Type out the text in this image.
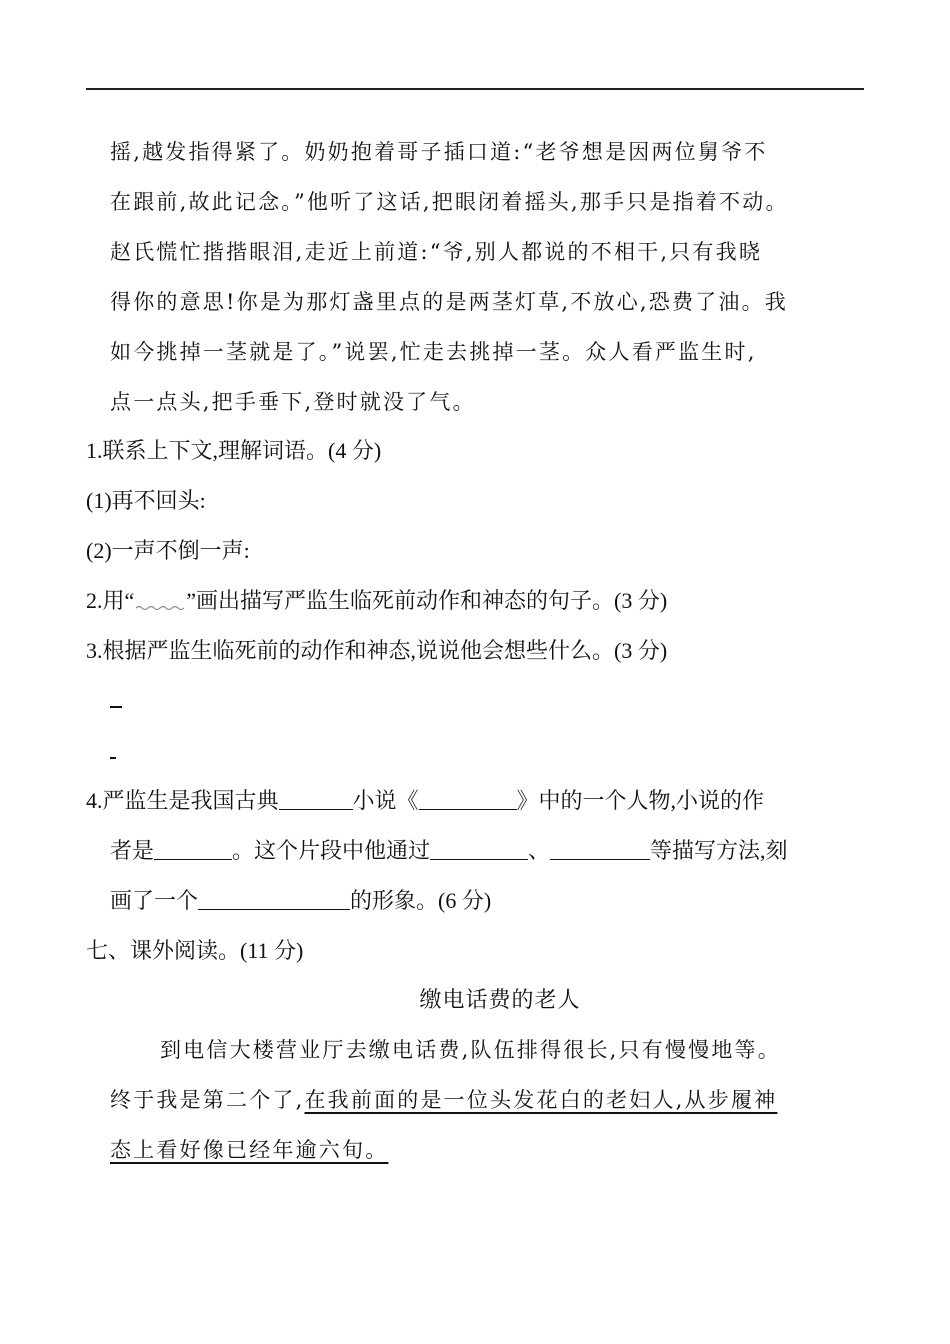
摇,越发指得紧了。奶奶抱着哥子插口道:“老爷想是因两位舅爷不
在跟前,故此记念。”他听了这话,把眼闭着摇头,那手只是指着不动。
赵氏慌忙揩揩眼泪,走近上前道:“爷,别人都说的不相干,只有我晓
得你的意思!你是为那灯盏里点的是两茎灯草,不放心,恐费了油。我
如今挑掉一茎就是了。”说罢,忙走去挑掉一茎。众人看严监生时,
点一点头,把手垂下,登时就没了气。
1.联系上下文,理解词语。(4 分)
(1)再不回头:
(2)一声不倒一声:
2.用“ ”画出描写严监生临死前动作和神态的句子。(3 分)
3.根据严监生临死前的动作和神态,说说他会想些什么。(3 分)
4.严监生是我国古典	小说《	》中的一个人物,小说的作
者是	。这个片段中他通过	、	等描写方法,刻
画了一个	的形象。(6 分)
七、课外阅读。(11 分)
缴电话费的老人
到电信大楼营业厅去缴电话费,队伍排得很长,只有慢慢地等。
终于我是第二个了,在我前面的是一位头发花白的老妇人,从步履神
态上看好像已经年逾六旬。
